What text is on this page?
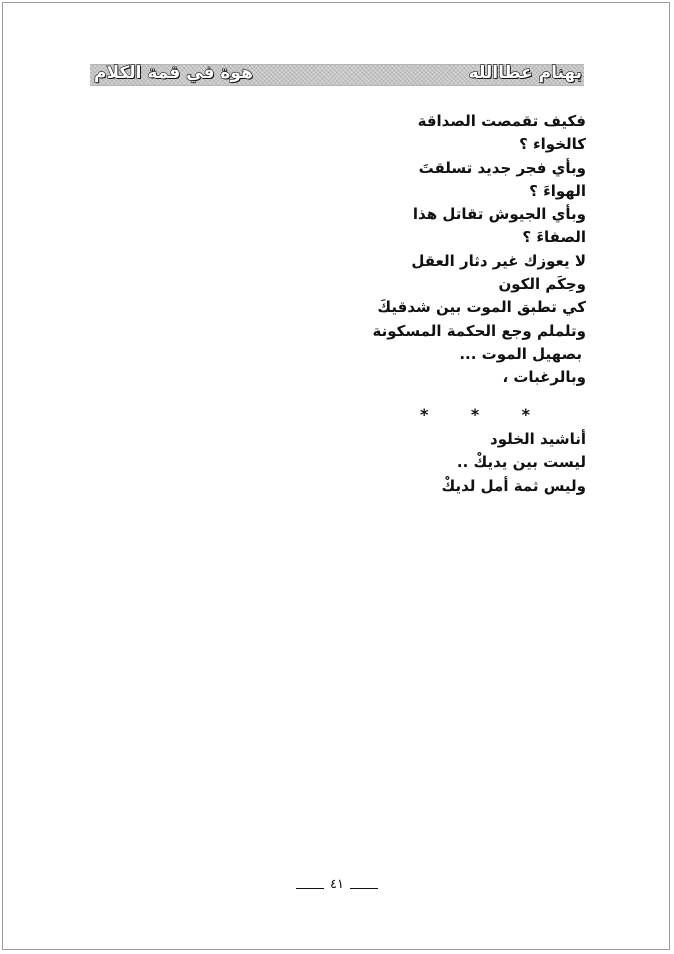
بهنام عطاالله
هوة في قمة الكلام
فكيف تقمصت الصداقة
كالخواء ؟
وبأي فجر جديد تسلقتَ
الهواءَ ؟
وبأي الجيوش تقاتل هذا
الصفاءَ ؟
لا يعوزك غير دثار العقل
وحِكَم الكون
كي تطبق الموت بين شدقيكَ
وتلملم وجع الحكمة المسكونة
بصهيل الموت ...
وبالرغبات ،
*	*	*
أناشيد الخلود
ليست بين يديكْ ..
وليس ثمة أمل لديكْ
٤١
